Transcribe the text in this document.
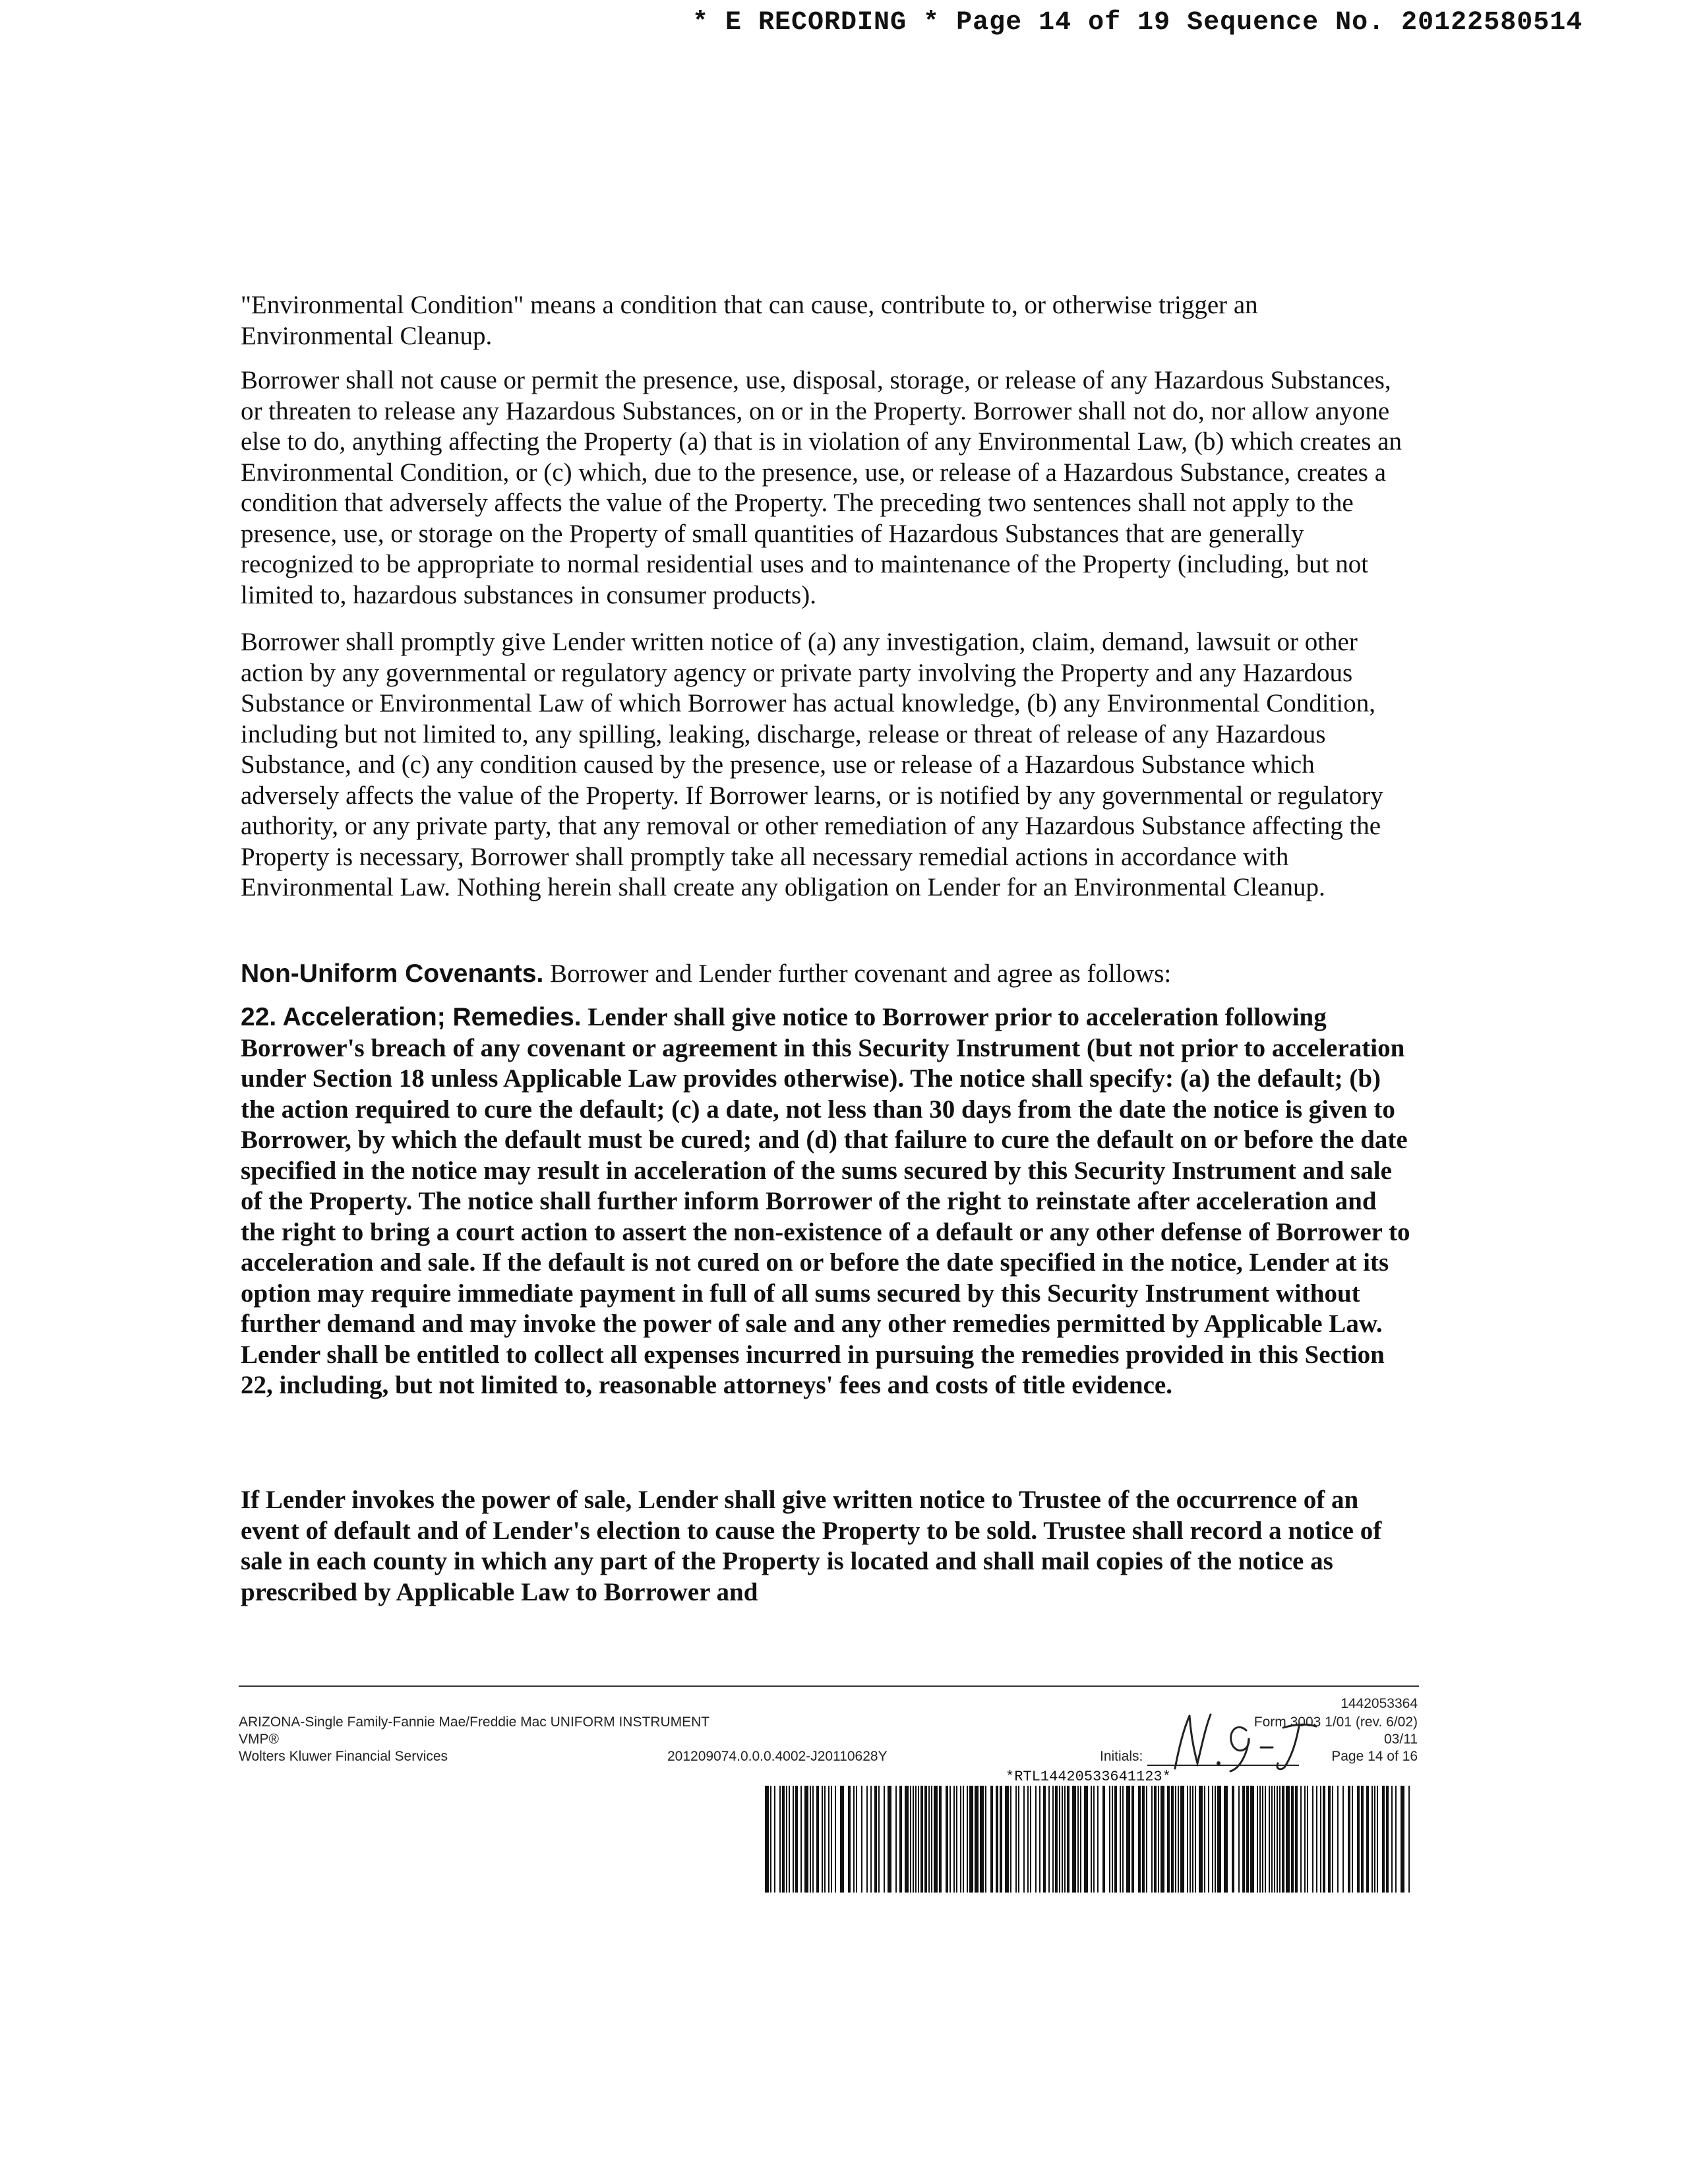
* E RECORDING * Page 14 of 19 Sequence No. 20122580514

"Environmental Condition" means a condition that can cause, contribute to, or otherwise trigger an Environmental Cleanup.

Borrower shall not cause or permit the presence, use, disposal, storage, or release of any Hazardous Substances, or threaten to release any Hazardous Substances, on or in the Property. Borrower shall not do, nor allow anyone else to do, anything affecting the Property (a) that is in violation of any Environmental Law, (b) which creates an Environmental Condition, or (c) which, due to the presence, use, or release of a Hazardous Substance, creates a condition that adversely affects the value of the Property. The preceding two sentences shall not apply to the presence, use, or storage on the Property of small quantities of Hazardous Substances that are generally recognized to be appropriate to normal residential uses and to maintenance of the Property (including, but not limited to, hazardous substances in consumer products).

Borrower shall promptly give Lender written notice of (a) any investigation, claim, demand, lawsuit or other action by any governmental or regulatory agency or private party involving the Property and any Hazardous Substance or Environmental Law of which Borrower has actual knowledge, (b) any Environmental Condition, including but not limited to, any spilling, leaking, discharge, release or threat of release of any Hazardous Substance, and (c) any condition caused by the presence, use or release of a Hazardous Substance which adversely affects the value of the Property. If Borrower learns, or is notified by any governmental or regulatory authority, or any private party, that any removal or other remediation of any Hazardous Substance affecting the Property is necessary, Borrower shall promptly take all necessary remedial actions in accordance with Environmental Law. Nothing herein shall create any obligation on Lender for an Environmental Cleanup.

Non-Uniform Covenants. Borrower and Lender further covenant and agree as follows:

22. Acceleration; Remedies. Lender shall give notice to Borrower prior to acceleration following Borrower's breach of any covenant or agreement in this Security Instrument (but not prior to acceleration under Section 18 unless Applicable Law provides otherwise). The notice shall specify: (a) the default; (b) the action required to cure the default; (c) a date, not less than 30 days from the date the notice is given to Borrower, by which the default must be cured; and (d) that failure to cure the default on or before the date specified in the notice may result in acceleration of the sums secured by this Security Instrument and sale of the Property. The notice shall further inform Borrower of the right to reinstate after acceleration and the right to bring a court action to assert the non-existence of a default or any other defense of Borrower to acceleration and sale. If the default is not cured on or before the date specified in the notice, Lender at its option may require immediate payment in full of all sums secured by this Security Instrument without further demand and may invoke the power of sale and any other remedies permitted by Applicable Law. Lender shall be entitled to collect all expenses incurred in pursuing the remedies provided in this Section 22, including, but not limited to, reasonable attorneys' fees and costs of title evidence.

If Lender invokes the power of sale, Lender shall give written notice to Trustee of the occurrence of an event of default and of Lender's election to cause the Property to be sold. Trustee shall record a notice of sale in each county in which any part of the Property is located and shall mail copies of the notice as prescribed by Applicable Law to Borrower and

1442053364
ARIZONA-Single Family-Fannie Mae/Freddie Mac UNIFORM INSTRUMENT	Form 3003 1/01 (rev. 6/02)
VMP®	03/11
Wolters Kluwer Financial Services	201209074.0.0.0.4002-J20110628Y	Initials:	Page 14 of 16
*RTL14420533641123*
